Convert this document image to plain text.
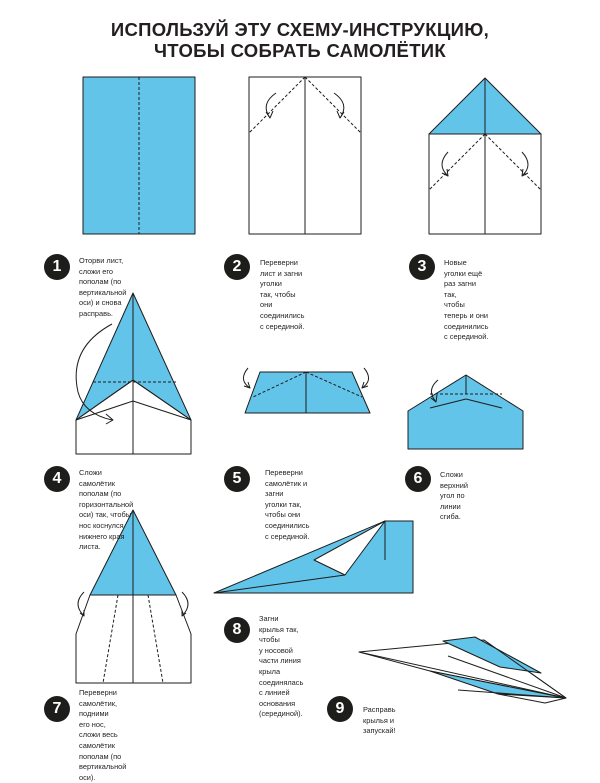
ИСПОЛЬЗУЙ ЭТУ СХЕМУ-ИНСТРУКЦИЮ,
ЧТОБЫ СОБРАТЬ САМОЛЁТИК
1	Оторви лист, сложи его
пополам (по вертикальной
оси) и снова расправь.
2	Переверни лист и загни уголки
так, чтобы они соединились
с серединой.
3	Новые уголки ещё раз загни так,
чтобы теперь и они соединились
с серединой.
4	Сложи самолётик пополам (по
горизонтальной оси) так, чтобы
нос коснулся нижнего края листа.
5	Переверни самолётик и загни
уголки так, чтобы они
соединились с серединой.
6	Сложи верхний угол по линии
сгиба.
7
Переверни самолётик, подними
его нос, сложи весь самолётик
пополам (по вертикальной оси).
8
Загни крылья так, чтобы
у носовой части линия крыла
соединялась с линией
основания (серединой).	9	Расправь крылья и запускай!
